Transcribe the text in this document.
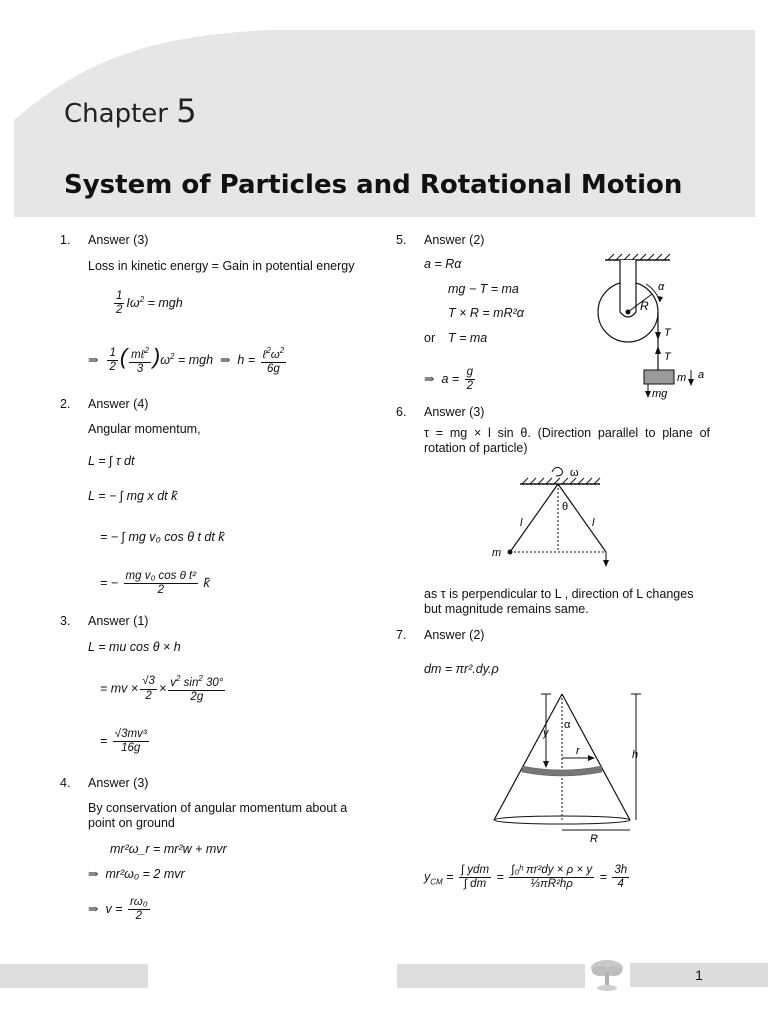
Chapter 5
System of Particles and Rotational Motion
1. Answer (3)
Loss in kinetic energy = Gain in potential energy
$\frac{1}{2} I\omega^2$ = mgh
⇒ $\frac{1}{2}$ ( $\frac{m\ell^2}{3} )\omega^2$ = mgh  ⇒ $h = \frac{\ell^2\omega^2}{6g}$
2. Answer (4)
Angular momentum,
L = ∫ τ dt
L = − ∫ mg x dt k̂
= − ∫ mg v₀ cos θ t dt k̂
= − $\frac{\text{mg v₀ cos θ t²}}{2}$ k̂
3. Answer (1)
L = mu cos θ × h
= mv × $\frac{√3}{2} \times \frac{v^2 \sin^2 30^\circ}{2g}$
= $\frac{\text{√3mv³}}{16g}$
4. Answer (3)
By conservation of angular momentum about a point on ground
mr²ω_r = mr²w + mvr
⇒ mr²ω₀ = 2 mvr
⇒ $v = \frac{\text{rω₀}}{2}$
5. Answer (2)
a = Rα
mg − T = ma
T × R = mR²α
or T = ma
⇒ $a = \frac{g}{2}$
α
R
T
T
m a
mg
6. Answer (3)
τ = mg × l sin θ. (Direction parallel to plane of rotation of particle)
ω
θ
l	l
m
as τ is perpendicular to L , direction of L changes but magnitude remains same.
7. Answer (2)
dm = πr².dy.ρ
y
α
r	h
R
$y_{CM} = \frac{\text{∫ ydm}}{\int dm} = \frac{\text{∫₀ʰ πr²dy × ρ × y}}{\text{⅓πR²hρ}} = \frac{3h}{4}$
1
